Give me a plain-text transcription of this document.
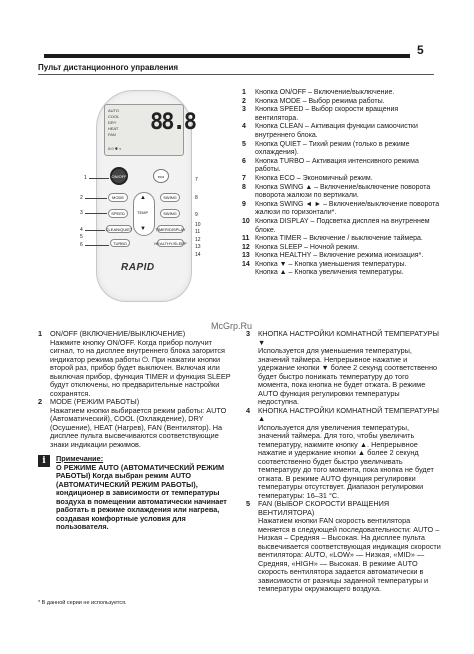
5
Пульт дистанционного управления
AUTO
COOL
DRY
HEAT
FAN 88.8
0:0 ✱ ◐
ON/OFF	eco
MODE	SWING
▲
TEMP
▼
SPEED	SWING
CLEAN/QUIET	TIMER/DISPLAY
TURBO	HEALTHY/SLEEP
RAPID
1
2
3
4
5
6
7
8
9
10
11
12
13
14
1	Кнопка ON/OFF – Включение/выключение.
2	Кнопка MODE – Выбор режима работы.
3	Кнопка SPEED – Выбор скорости вращения вентилятора.
4	Кнопка CLEAN – Активация функции самоочистки внутреннего блока.
5	Кнопка QUIET – Тихий режим (только в режиме охлаждения).
6	Кнопка TURBO – Активация интенсивного режима работы.
7	Кнопка ECO – Экономичный режим.
8	Кнопка SWING ▲ – Включение/выключение поворота поворота жалюзи по вертикали.
9	Кнопка SWING ◄ ► – Включение/выключение поворота жалюзи по горизонтали*.
10 Кнопка DISPLAY – Подсветка дисплея на внутреннем блоке.
11 Кнопка TIMER – Включение / выключение таймера.
12 Кнопка SLEEP – Ночной режим.
13 Кнопка HEALTHY – Включение режима ионизация*.
14 Кнопка ▼ – Кнопка уменьшения температуры.
Кнопка ▲ – Кнопка увеличения температуры.
McGrp.Ru
1	ON/OFF (ВКЛЮЧЕНИЕ/ВЫКЛЮЧЕНИЕ)
Нажмите кнопку ON/OFF. Когда прибор получит сигнал, то на дисплее внутреннего блока загорится индикатор режима работы ⏻. При нажатии кнопки второй раз, прибор будет выключен. Включая или выключая прибор, функция TIMER и функция SLEEP будут отключены, но предварительные настройки сохранятся.
2	MODE (РЕЖИМ РАБОТЫ)
Нажатием кнопки выбирается режим работы: AUTO (Автоматический), COOL (Охлаждение), DRY (Осушение), HEAT (Нагрев), FAN (Вентилятор). На дисплее пульта высвечиваются соответствующие знаки индикации режимов.
i	Примечание:
О РЕЖИМЕ AUTO (АВТОМАТИЧЕСКИЙ РЕЖИМ РАБОТЫ) Когда выбран режим AUTO (АВТОМАТИЧЕСКИЙ РЕЖИМ РАБОТЫ), кондиционер в зависимости от температуры воздуха в помещении автоматически начинает работать в режиме охлаждения или нагрева, создавая комфортные условия для пользователя.
3	КНОПКА НАСТРОЙКИ КОМНАТНОЙ ТЕМПЕРАТУРЫ ▼
Используется для уменьшения температуры, значений таймера. Непрерывное нажатие и удержание кнопки ▼ более 2 секунд соответственно будет быстро понижать температуру до того момента, пока кнопка не будет отжата. В режиме AUTO функция регулировки температуры недоступна.
4	КНОПКА НАСТРОЙКИ КОМНАТНОЙ ТЕМПЕРАТУРЫ ▲
Используется для увеличения температуры, значений таймера. Для того, чтобы увеличить температуру, нажмите кнопку ▲. Непрерывное нажатие и удержание кнопки ▲ более 2 секунд соответственно будет быстро увеличивать температуру до того момента, пока кнопка не будет отжата. В режиме AUTO функция регулировки температуры отсутствует. Диапазон регулировки температуры: 16–31 °C.
5	FAN (ВЫБОР СКОРОСТИ ВРАЩЕНИЯ ВЕНТИЛЯТОРА)
Нажатием кнопки FAN скорость вентилятора меняется в следующей последовательности: AUTO – Низкая – Средняя – Высокая. На дисплее пульта высвечивается соответствующая индикация скорости вентилятора: AUTO, «LOW» — Низкая, «MID» — Средняя, «HIGH» — Высокая. В режиме AUTO скорость вентилятора задается автоматически в зависимости от разницы заданной температуры и температуры окружающего воздуха.
* В данной серии не используется.
